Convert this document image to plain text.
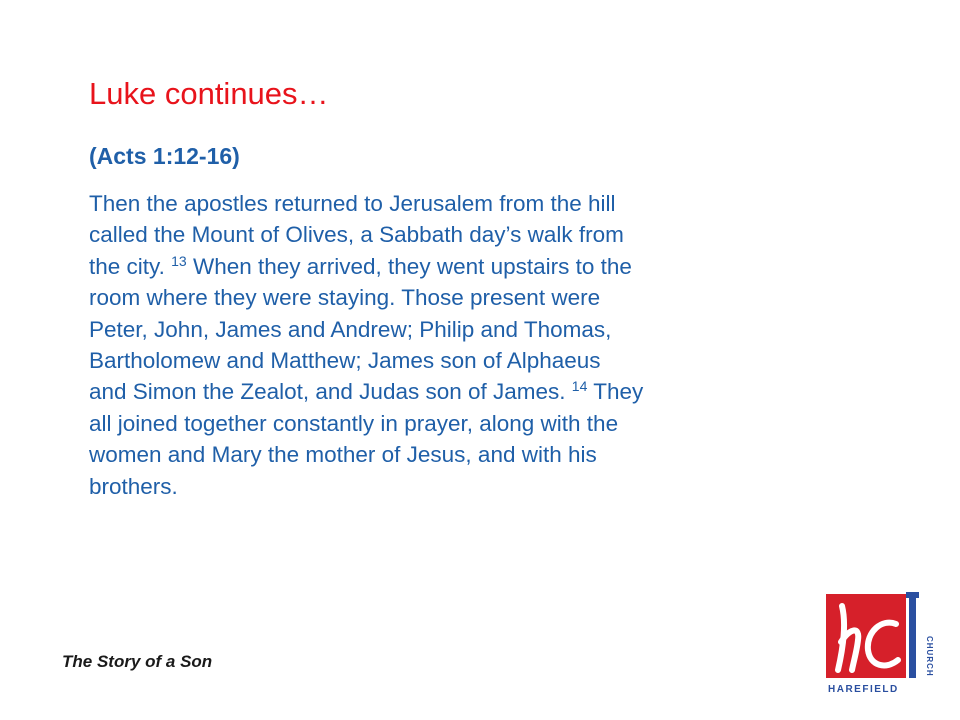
Luke continues…
(Acts 1:12-16)
Then the apostles returned to Jerusalem from the hill
called the Mount of Olives, a Sabbath day’s walk from
the city. $^{13}$ When they arrived, they went upstairs to the
room where they were staying. Those present were
Peter, John, James and Andrew; Philip and Thomas,
Bartholomew and Matthew; James son of Alphaeus
and Simon the Zealot, and Judas son of James. $^{14}$ They
all joined together constantly in prayer, along with the
women and Mary the mother of Jesus, and with his
brothers.
The Story of a Son	CHURCH
HAREFIELD
